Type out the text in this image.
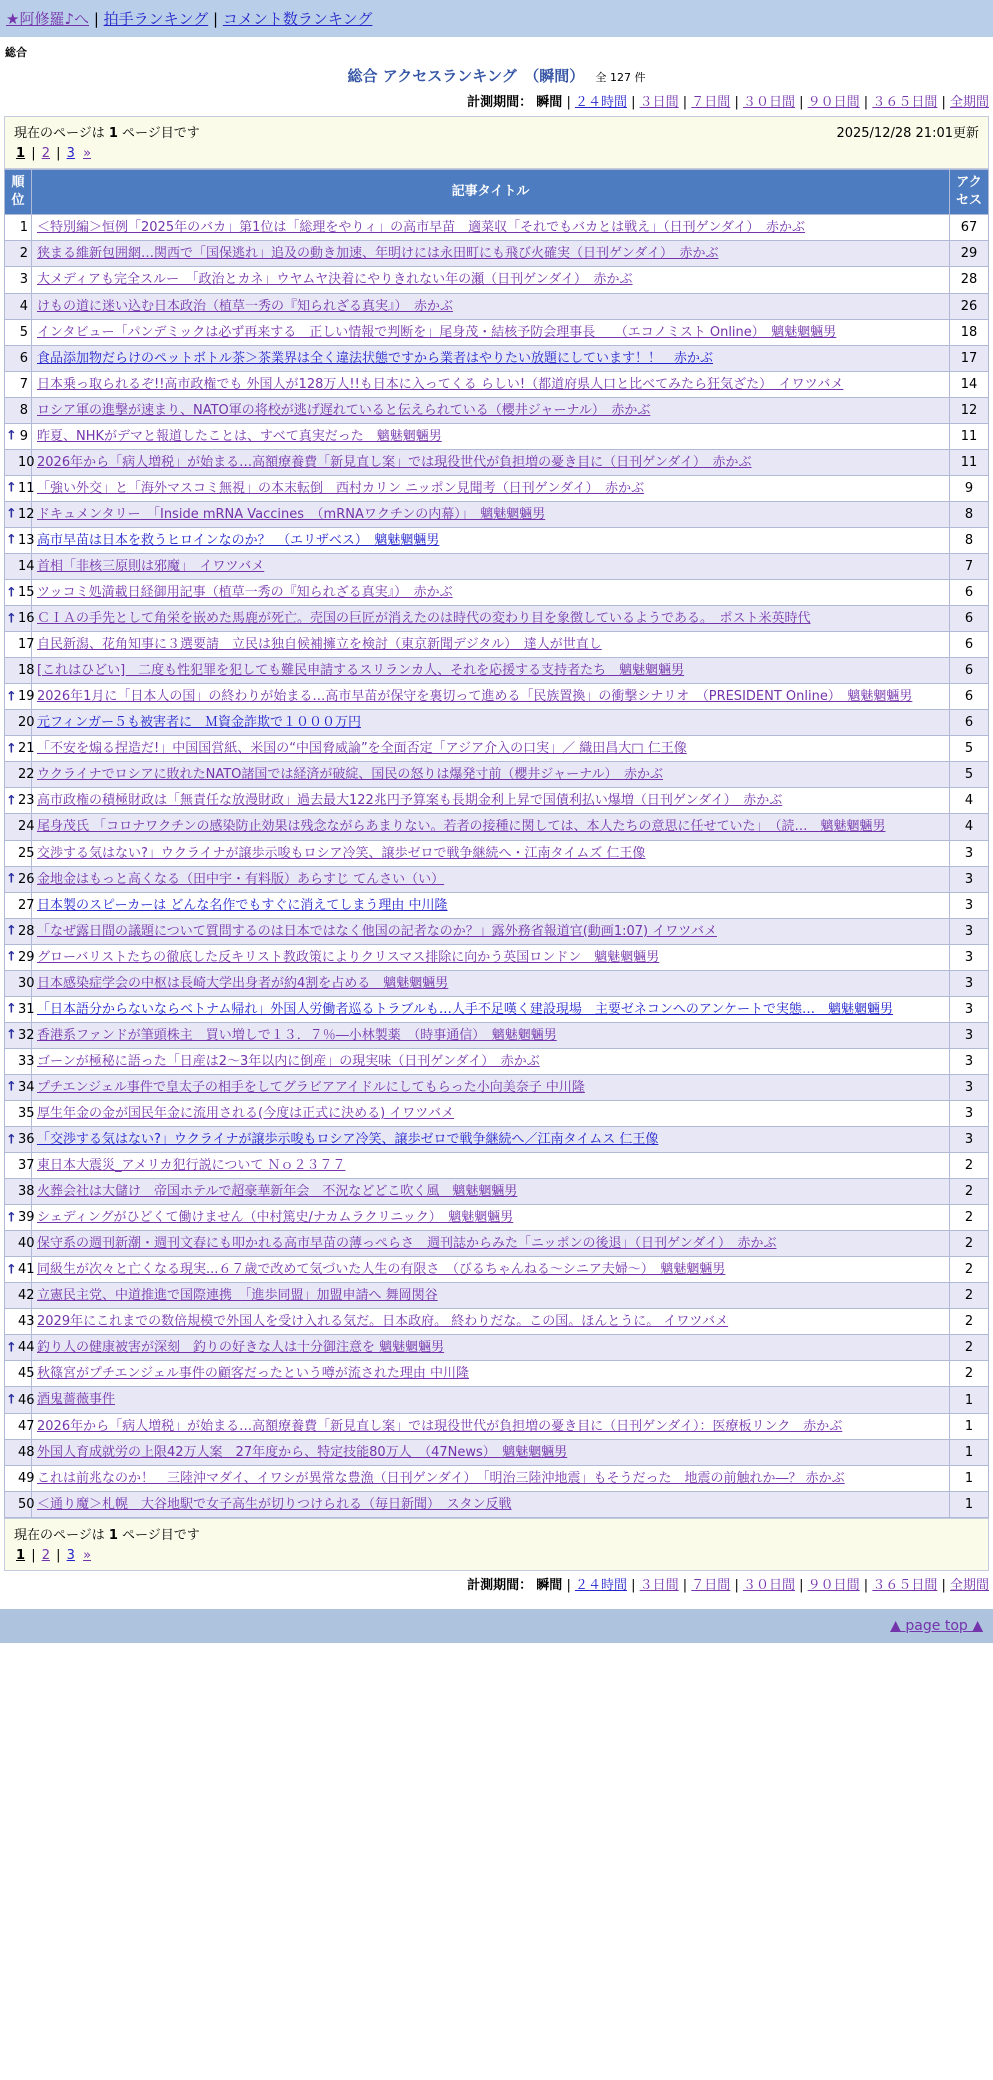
★阿修羅♪へ | 拍手ランキング | コメント数ランキング
総合
総合 アクセスランキング　（瞬間） 全 127 件
計測期間： 瞬間 | ２４時間 | ３日間 | ７日間 | ３０日間 | ９０日間 | ３６５日間 | 全期間
現在のページは 1 ページ目です	2025/12/28 21:01更新
1 | 2 | 3 »
順位	記事タイトル	アクセス
1	＜特別編＞恒例「2025年のバカ」第1位は「総理をやりィ」の高市早苗　適菜収「それでもバカとは戦え」（日刊ゲンダイ）　赤かぶ	67
2	狭まる維新包囲網…関西で「国保逃れ」追及の動き加速、年明けには永田町にも飛び火確実（日刊ゲンダイ）　赤かぶ	29
3	大メディアも完全スルー　「政治とカネ」ウヤムヤ決着にやりきれない年の瀬（日刊ゲンダイ）　赤かぶ	28
4	けもの道に迷い込む日本政治（植草一秀の『知られざる真実』）　赤かぶ	26
5	インタビュー「パンデミックは必ず再来する　正しい情報で判断を」尾身茂・結核予防会理事長　　（エコノミスト Online）　魑魅魍魎男	18
6	食品添加物だらけのペットボトル茶＞茶業界は全く違法状態ですから業者はやりたい放題にしています！！　赤かぶ	17
7	日本乗っ取られるぞ!!高市政権でも 外国人が128万人!!も日本に入ってくる らしい!（都道府県人口と比べてみたら狂気ざた）　イワツバメ	14
8	ロシア軍の進撃が速まり、NATO軍の将校が逃げ遅れていると伝えられている（櫻井ジャーナル）　赤かぶ	12

↑ 9	昨夏、NHKがデマと報道したことは、すべて真実だった　魑魅魍魎男	11
10	2026年から「病人増税」が始まる…高額療養費「新見直し案」では現役世代が負担増の憂き目に（日刊ゲンダイ）　赤かぶ	11

↑ 11	「強い外交」と「海外マスコミ無視」の本末転倒　西村カリン ニッポン見聞考（日刊ゲンダイ）　赤かぶ	9

↑ 12	ドキュメンタリー　「Inside mRNA Vaccines　（mRNAワクチンの内幕）」　魑魅魍魎男	8

↑ 13	高市早苗は日本を救うヒロインなのか？　（エリザベス）　魑魅魍魎男	8
14	首相「非核三原則は邪魔」　イワツバメ	7

↑ 15	ツッコミ処満載日経御用記事（植草一秀の『知られざる真実』）　赤かぶ	6

↑ 16	ＣＩＡの手先として角栄を嵌めた馬鹿が死亡。売国の巨匠が消えたのは時代の変わり目を象徴しているようである。　ポスト米英時代	6
17	自民新潟、花角知事に３選要請　立民は独自候補擁立を検討（東京新聞デジタル）　達人が世直し	6
18	[これはひどい]　二度も性犯罪を犯しても難民申請するスリランカ人、それを応援する支持者たち　魑魅魍魎男	6

↑ 19	2026年1月に「日本人の国」の終わりが始まる…高市早苗が保守を裏切って進める「民族置換」の衝撃シナリオ　（PRESIDENT Online）　魑魅魍魎男	6
20	元フィンガー５も被害者に　Ｍ資金詐欺で１０００万円	6

↑ 21	「不安を煽る捏造だ!」中国国営紙、米国の“中国脅威論”を全面否定「アジア介入の口実」／ 織田昌大□ 仁王像	5
22	ウクライナでロシアに敗れたNATO諸国では経済が破綻、国民の怒りは爆発寸前（櫻井ジャーナル）　赤かぶ	5

↑ 23	高市政権の積極財政は「無責任な放漫財政」過去最大122兆円予算案も長期金利上昇で国債利払い爆増（日刊ゲンダイ）　赤かぶ	4
24	尾身茂氏 「コロナワクチンの感染防止効果は残念ながらあまりない。若者の接種に関しては、本人たちの意思に任せていた」　（読…　魑魅魍魎男	4
25	交渉する気はない?」ウクライナが譲歩示唆もロシア冷笑、譲歩ゼロで戦争継続へ・江南タイムズ 仁王像	3

↑ 26	金地金はもっと高くなる（田中宇・有料版）あらすじ てんさい（い）	3
27	日本製のスピーカーは どんな名作でもすぐに消えてしまう理由 中川隆	3

↑ 28	「なぜ露日間の議題について質問するのは日本ではなく他国の記者なのか？」露外務省報道官(動画1:07) イワツバメ	3

↑ 29	グローバリストたちの徹底した反キリスト教政策によりクリスマス排除に向かう英国ロンドン　魑魅魍魎男	3
30	日本感染症学会の中枢は長崎大学出身者が約4割を占める　魑魅魍魎男	3

↑ 31	「日本語分からないならベトナム帰れ」外国人労働者巡るトラブルも…人手不足嘆く建設現場　主要ゼネコンへのアンケートで実態…　魑魅魍魎男	3

↑ 32	香港系ファンドが筆頭株主　買い増しで１３．７％―小林製薬　（時事通信）　魑魅魍魎男	3
33	ゴーンが極秘に語った「日産は2～3年以内に倒産」の現実味（日刊ゲンダイ）　赤かぶ	3

↑ 34	プチエンジェル事件で皇太子の相手をしてグラビアアイドルにしてもらった小向美奈子 中川隆	3
35	厚生年金の金が国民年金に流用される(今度は正式に決める) イワツバメ	3

↑ 36	「交渉する気はない?」ウクライナが譲歩示唆もロシア冷笑、譲歩ゼロで戦争継続へ／江南タイムス 仁王像	3
37	東日本大震災_アメリカ犯行説について Ｎｏ２３７７	2
38	火葬会社は大儲け　帝国ホテルで超豪華新年会　不況などどこ吹く風　魑魅魍魎男	2

↑ 39	シェディングがひどくて働けません（中村篤史/ナカムラクリニック）　魑魅魍魎男	2
40	保守系の週刊新潮・週刊文春にも叩かれる高市早苗の薄っぺらさ　週刊誌からみた「ニッポンの後退」（日刊ゲンダイ）　赤かぶ	2

↑ 41	同級生が次々と亡くなる現実...６７歳で改めて気づいた人生の有限さ　（びるちゃんねる～シニア夫婦～）　魑魅魍魎男	2
42	立憲民主党、中道推進で国際連携　「進歩同盟」加盟申請へ 舞岡関谷	2
43	2029年にこれまでの数倍規模で外国人を受け入れる気だ。日本政府。 終わりだな。この国。ほんとうに。 イワツバメ	2

↑ 44	釣り人の健康被害が深刻　釣りの好きな人は十分御注意を 魑魅魍魎男	2
45	秋篠宮がプチエンジェル事件の顧客だったという噂が流された理由 中川隆	2

↑ 46	酒鬼薔薇事件	1
47	2026年から「病人増税」が始まる…高額療養費「新見直し案」では現役世代が負担増の憂き目に（日刊ゲンダイ）：医療板リンク　赤かぶ	1
48	外国人育成就労の上限42万人案　27年度から、特定技能80万人　（47News）　魑魅魍魎男	1
49	これは前兆なのか！　三陸沖マダイ、イワシが異常な豊漁（日刊ゲンダイ）　「明治三陸沖地震」もそうだった　地震の前触れか―？ 赤かぶ	1
50	＜通り魔＞札幌　大谷地駅で女子高生が切りつけられる（毎日新聞）　スタン反戦	1
現在のページは 1 ページ目です
1 | 2 | 3 »
計測期間： 瞬間 | ２４時間 | ３日間 | ７日間 | ３０日間 | ９０日間 | ３６５日間 | 全期間
▲ page top ▲
